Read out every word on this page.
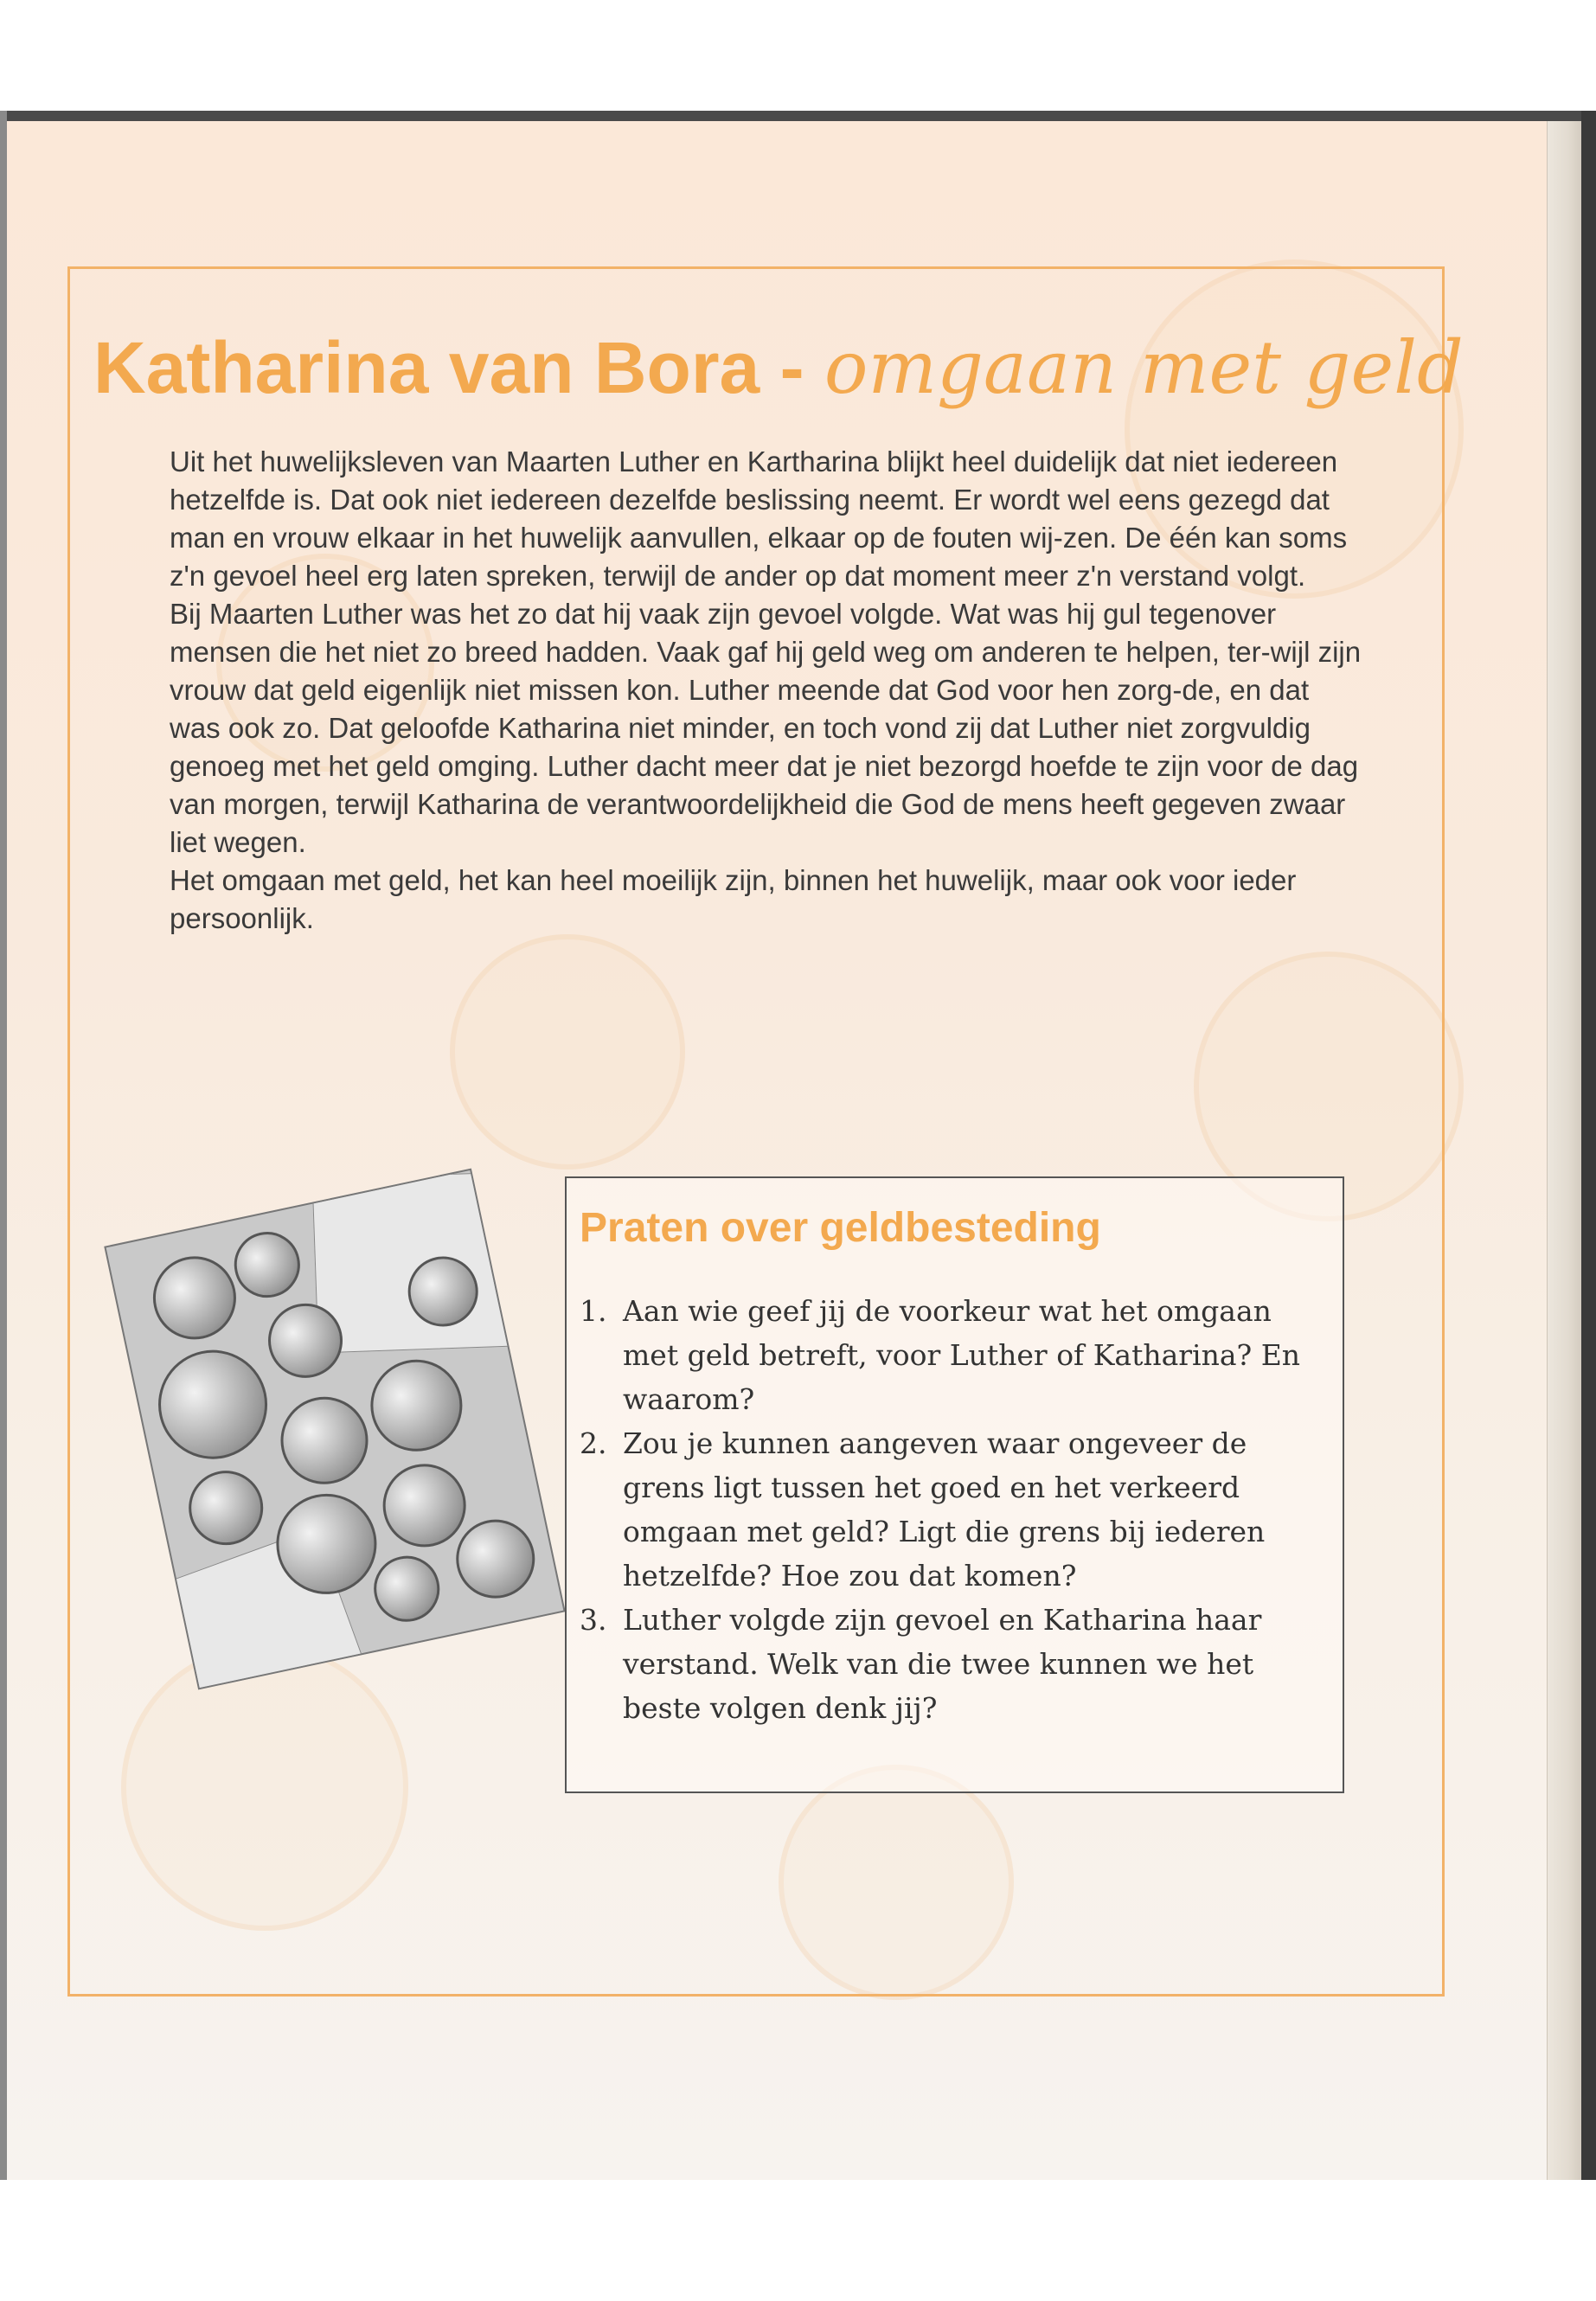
Katharina van Bora - omgaan met geld

Uit het huwelijksleven van Maarten Luther en Kartharina blijkt heel duidelijk dat niet iedereen hetzelfde is. Dat ook niet iedereen dezelfde beslissing neemt. Er wordt wel eens gezegd dat man en vrouw elkaar in het huwelijk aanvullen, elkaar op de fouten wij-zen. De één kan soms z'n gevoel heel erg laten spreken, terwijl de ander op dat moment meer z'n verstand volgt.

Bij Maarten Luther was het zo dat hij vaak zijn gevoel volgde. Wat was hij gul tegenover mensen die het niet zo breed hadden. Vaak gaf hij geld weg om anderen te helpen, ter-wijl zijn vrouw dat geld eigenlijk niet missen kon. Luther meende dat God voor hen zorg-de, en dat was ook zo. Dat geloofde Katharina niet minder, en toch vond zij dat Luther niet zorgvuldig genoeg met het geld omging. Luther dacht meer dat je niet bezorgd hoefde te zijn voor de dag van morgen, terwijl Katharina de verantwoordelijkheid die God de mens heeft gegeven zwaar liet wegen.

Het omgaan met geld, het kan heel moeilijk zijn, binnen het huwelijk, maar ook voor ieder persoonlijk.

Praten over geldbesteding
1. Aan wie geef jij de voorkeur wat het omgaan met geld betreft, voor Luther of Katharina? En waarom?
2. Zou je kunnen aangeven waar ongeveer de grens ligt tussen het goed en het verkeerd omgaan met geld? Ligt die grens bij iederen hetzelfde? Hoe zou dat komen?
3. Luther volgde zijn gevoel en Katharina haar verstand. Welk van die twee kunnen we het beste volgen denk jij?
